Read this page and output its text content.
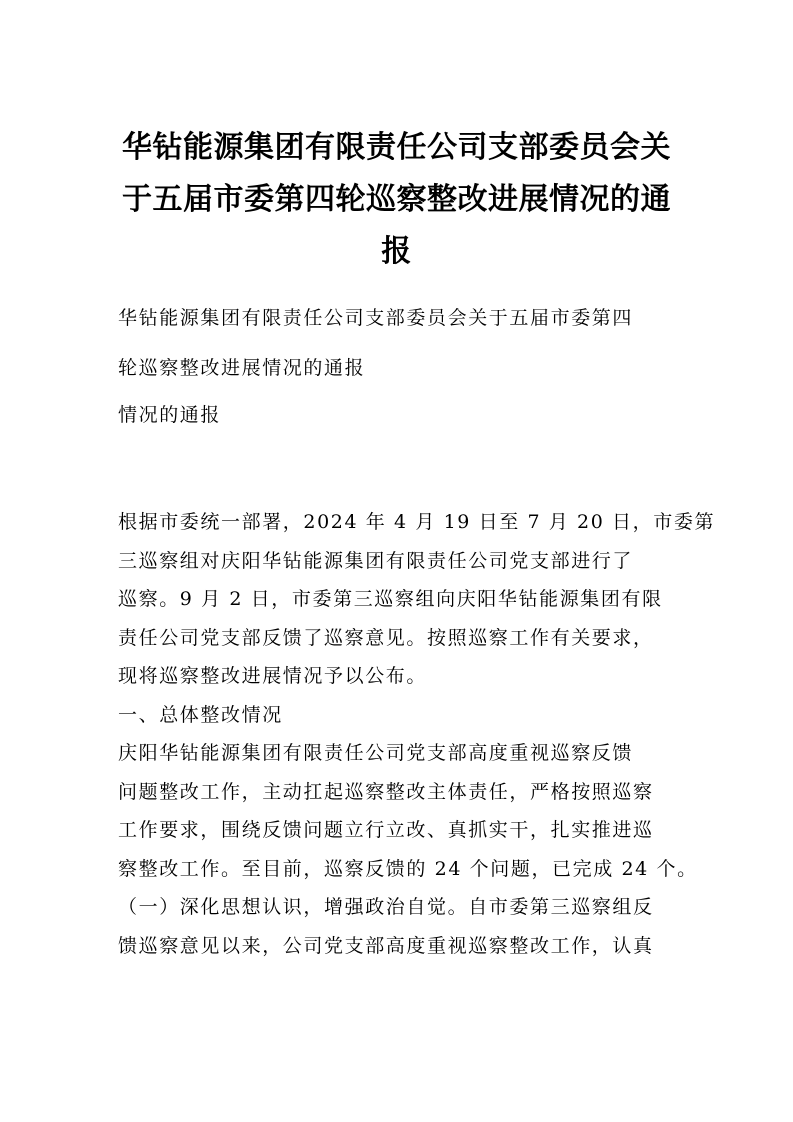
华钻能源集团有限责任公司支部委员会关
于五届市委第四轮巡察整改进展情况的通
报
华钻能源集团有限责任公司支部委员会关于五届市委第四
轮巡察整改进展情况的通报
情况的通报
根据市委统一部署，2024 年 4 月 19 日至 7 月 20 日，市委第
三巡察组对庆阳华钻能源集团有限责任公司党支部进行了
巡察。9 月 2 日，市委第三巡察组向庆阳华钻能源集团有限
责任公司党支部反馈了巡察意见。按照巡察工作有关要求，
现将巡察整改进展情况予以公布。
一、总体整改情况
庆阳华钻能源集团有限责任公司党支部高度重视巡察反馈
问题整改工作，主动扛起巡察整改主体责任，严格按照巡察
工作要求，围绕反馈问题立行立改、真抓实干，扎实推进巡
察整改工作。至目前，巡察反馈的 24 个问题，已完成 24 个。
（一）深化思想认识，增强政治自觉。自市委第三巡察组反
馈巡察意见以来，公司党支部高度重视巡察整改工作，认真
